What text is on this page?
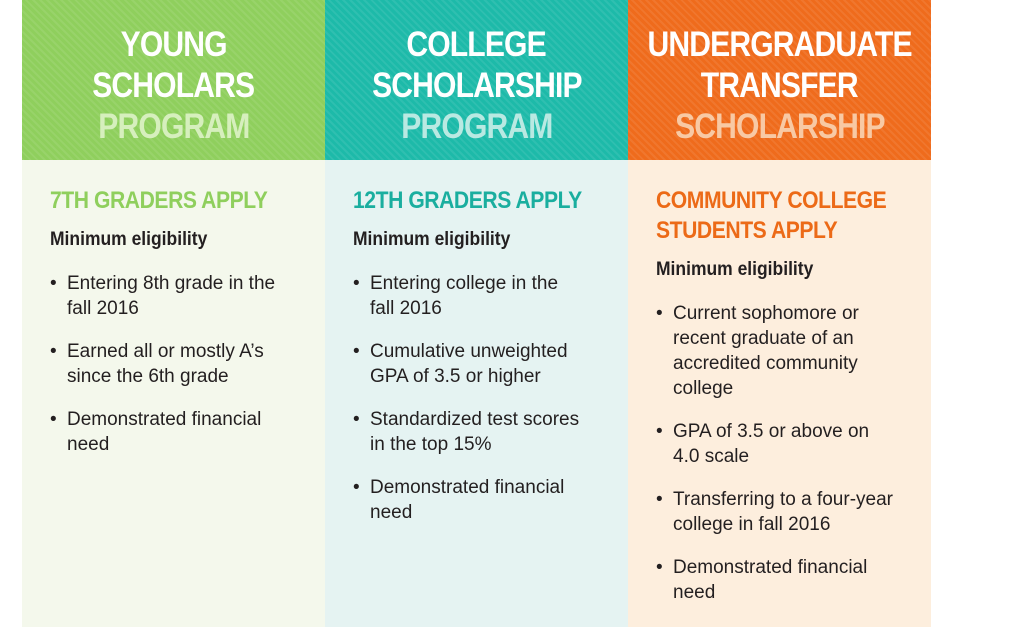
YOUNG
SCHOLARS
PROGRAM
7TH GRADERS APPLY
Minimum eligibility
• Entering 8th grade in the
fall 2016
• Earned all or mostly A’s
since the 6th grade
• Demonstrated financial
need
COLLEGE
SCHOLARSHIP
PROGRAM
12TH GRADERS APPLY
Minimum eligibility
• Entering college in the
fall 2016
• Cumulative unweighted
GPA of 3.5 or higher
• Standardized test scores
in the top 15%
• Demonstrated financial
need
UNDERGRADUATE
TRANSFER
SCHOLARSHIP
COMMUNITY COLLEGE
STUDENTS APPLY
Minimum eligibility
• Current sophomore or
recent graduate of an
accredited community
college
• GPA of 3.5 or above on
4.0 scale
• Transferring to a four-year
college in fall 2016
• Demonstrated financial
need
